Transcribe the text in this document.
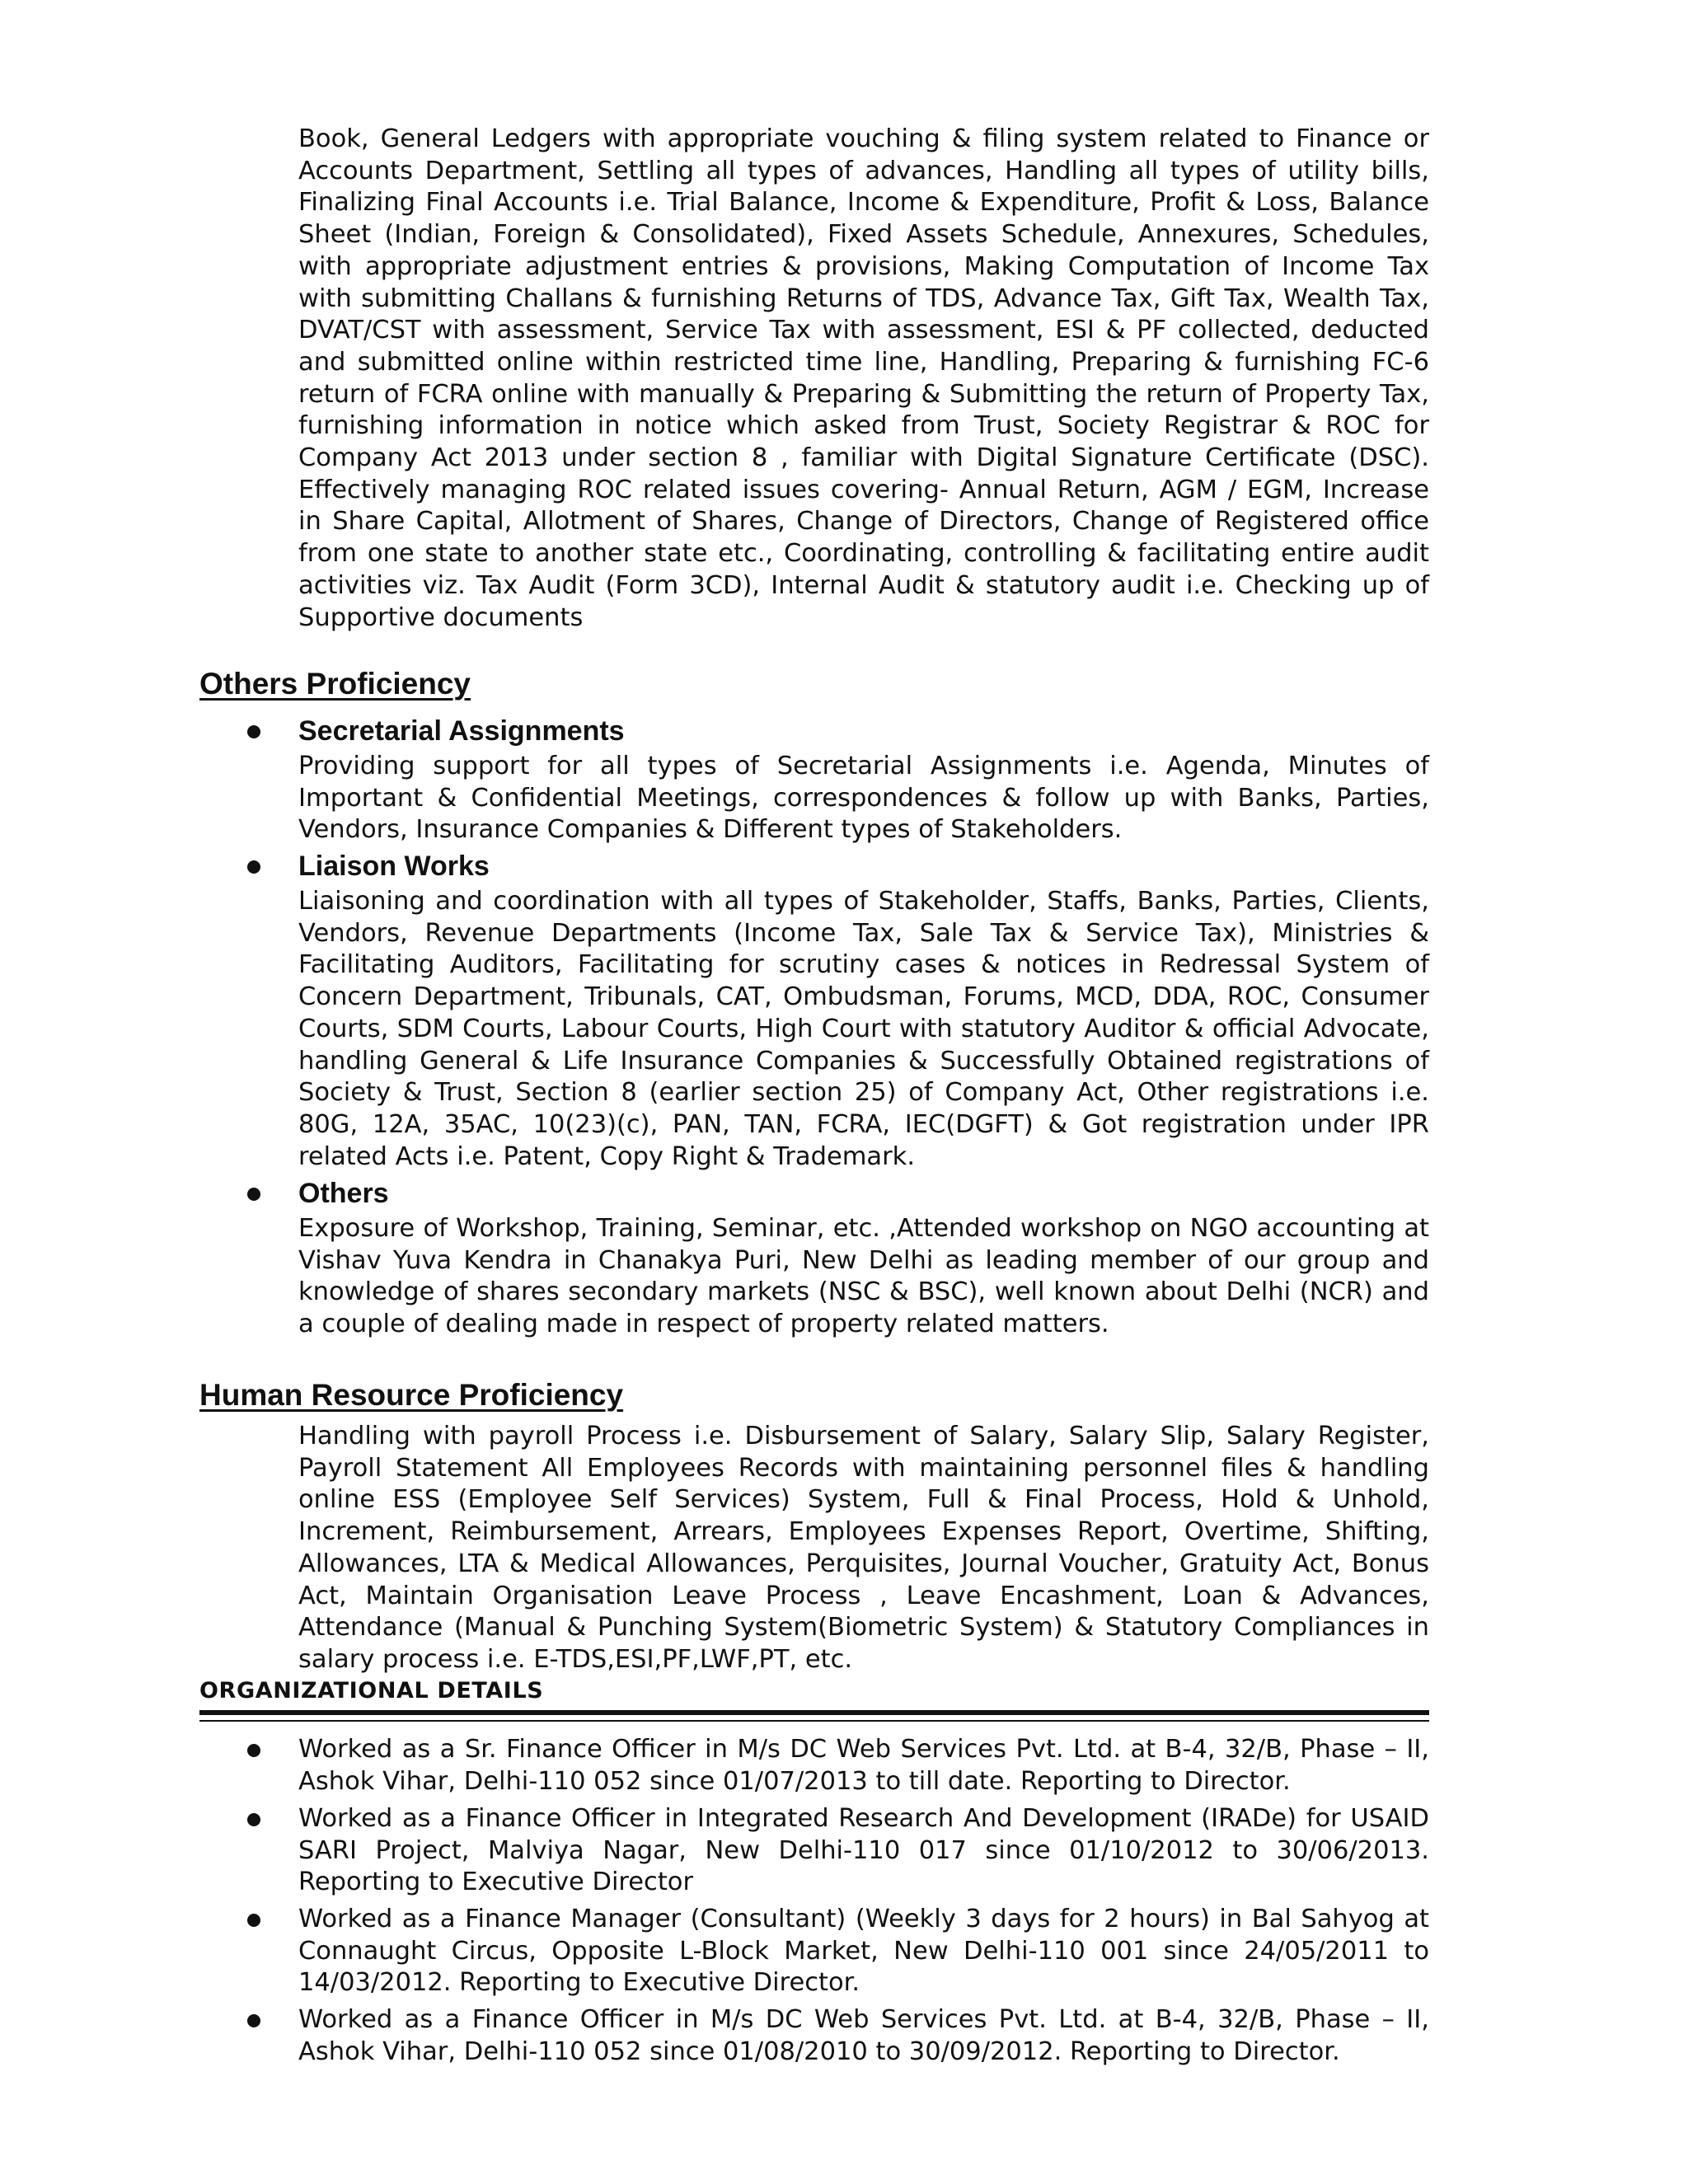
Book, General Ledgers with appropriate vouching & filing system related to Finance or Accounts Department, Settling all types of advances, Handling all types of utility bills, Finalizing Final Accounts i.e. Trial Balance, Income & Expenditure, Profit & Loss, Balance Sheet (Indian, Foreign & Consolidated), Fixed Assets Schedule, Annexures, Schedules, with appropriate adjustment entries & provisions, Making Computation of Income Tax with submitting Challans & furnishing Returns of TDS, Advance Tax, Gift Tax, Wealth Tax, DVAT/CST with assessment, Service Tax with assessment, ESI & PF collected, deducted and submitted online within restricted time line, Handling, Preparing & furnishing FC-6 return of FCRA online with manually & Preparing & Submitting the return of Property Tax, furnishing information in notice which asked from Trust, Society Registrar & ROC for Company Act 2013 under section 8 , familiar with Digital Signature Certificate (DSC). Effectively managing ROC related issues covering- Annual Return, AGM / EGM, Increase in Share Capital, Allotment of Shares, Change of Directors, Change of Registered office from one state to another state etc., Coordinating, controlling & facilitating entire audit activities viz. Tax Audit (Form 3CD), Internal Audit & statutory audit i.e. Checking up of Supportive documents

Others Proficiency
Secretarial Assignments

Providing support for all types of Secretarial Assignments i.e. Agenda, Minutes of Important & Confidential Meetings, correspondences & follow up with Banks, Parties, Vendors, Insurance Companies & Different types of Stakeholders.

Liaison Works

Liaisoning and coordination with all types of Stakeholder, Staffs, Banks, Parties, Clients, Vendors, Revenue Departments (Income Tax, Sale Tax & Service Tax), Ministries & Facilitating Auditors, Facilitating for scrutiny cases & notices in Redressal System of Concern Department, Tribunals, CAT, Ombudsman, Forums, MCD, DDA, ROC, Consumer Courts, SDM Courts, Labour Courts, High Court with statutory Auditor & official Advocate, handling General & Life Insurance Companies & Successfully Obtained registrations of Society & Trust, Section 8 (earlier section 25) of Company Act, Other registrations i.e. 80G, 12A, 35AC, 10(23)(c), PAN, TAN, FCRA, IEC(DGFT) & Got registration under IPR related Acts i.e. Patent, Copy Right & Trademark.

Others

Exposure of Workshop, Training, Seminar, etc. ,Attended workshop on NGO accounting at Vishav Yuva Kendra in Chanakya Puri, New Delhi as leading member of our group and knowledge of shares secondary markets (NSC & BSC), well known about Delhi (NCR) and a couple of dealing made in respect of property related matters.

Human Resource Proficiency

Handling with payroll Process i.e. Disbursement of Salary, Salary Slip, Salary Register, Payroll Statement All Employees Records with maintaining personnel files & handling online ESS (Employee Self Services) System, Full & Final Process, Hold & Unhold, Increment, Reimbursement, Arrears, Employees Expenses Report, Overtime, Shifting, Allowances, LTA & Medical Allowances, Perquisites, Journal Voucher, Gratuity Act, Bonus Act, Maintain Organisation Leave Process , Leave Encashment, Loan & Advances, Attendance (Manual & Punching System(Biometric System) & Statutory Compliances in salary process i.e. E-TDS,ESI,PF,LWF,PT, etc.

ORGANIZATIONAL DETAILS

Worked as a Sr. Finance Officer in M/s DC Web Services Pvt. Ltd. at B-4, 32/B, Phase – II, Ashok Vihar, Delhi-110 052 since 01/07/2013 to till date. Reporting to Director.

Worked as a Finance Officer in Integrated Research And Development (IRADe) for USAID SARI Project, Malviya Nagar, New Delhi-110 017 since 01/10/2012 to 30/06/2013. Reporting to Executive Director

Worked as a Finance Manager (Consultant) (Weekly 3 days for 2 hours) in Bal Sahyog at Connaught Circus, Opposite L-Block Market, New Delhi-110 001 since 24/05/2011 to 14/03/2012. Reporting to Executive Director.

Worked as a Finance Officer in M/s DC Web Services Pvt. Ltd. at B-4, 32/B, Phase – II, Ashok Vihar, Delhi-110 052 since 01/08/2010 to 30/09/2012. Reporting to Director.
